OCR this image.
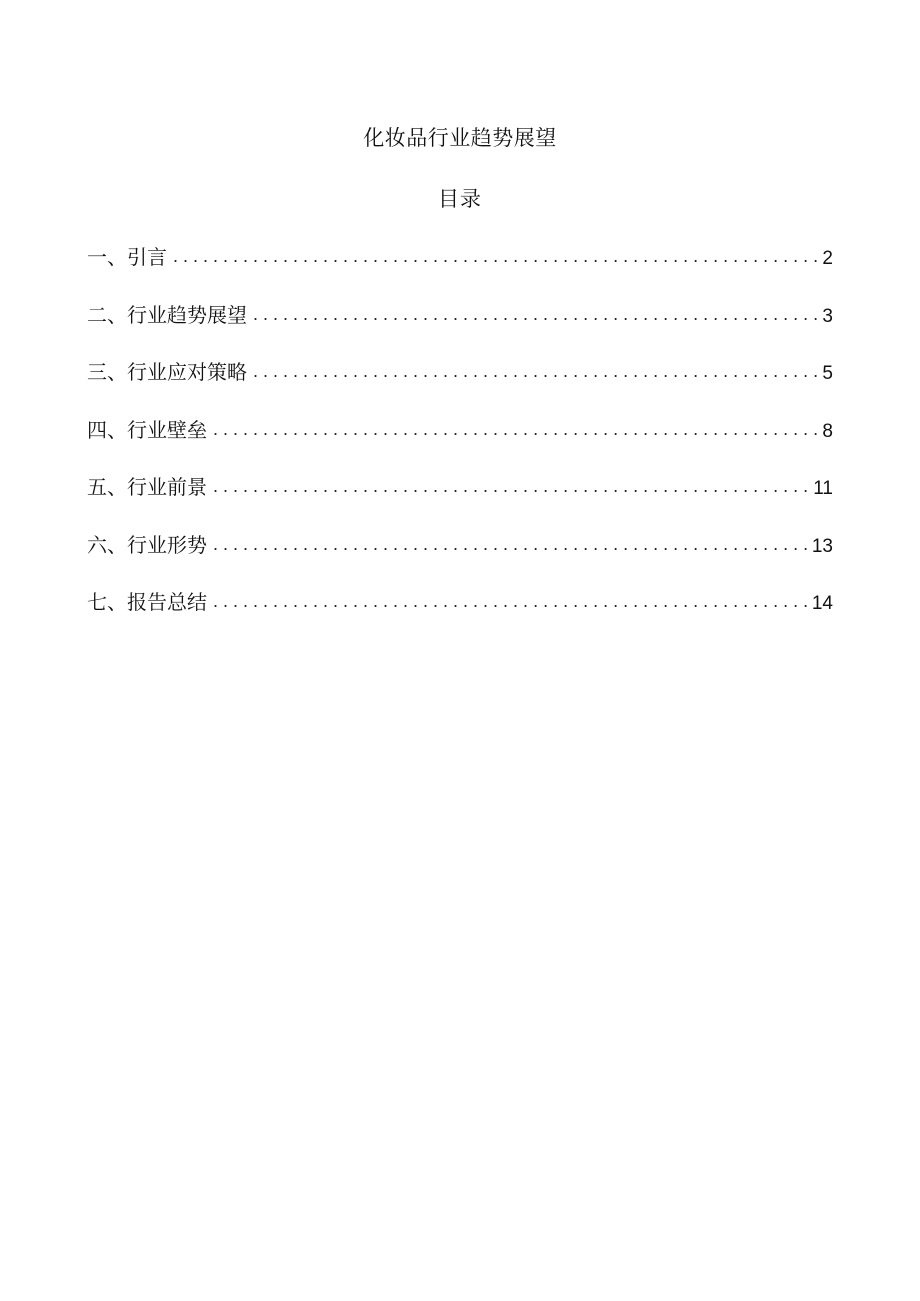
化妆品行业趋势展望
目录
一、引言 . . .	2
二、行业趋势展望 . . .	3
三、行业应对策略 . . .	5
四、行业壁垒 . . .	8
五、行业前景 . . .	11
六、行业形势 . . .	13
七、报告总结 . . .	14
